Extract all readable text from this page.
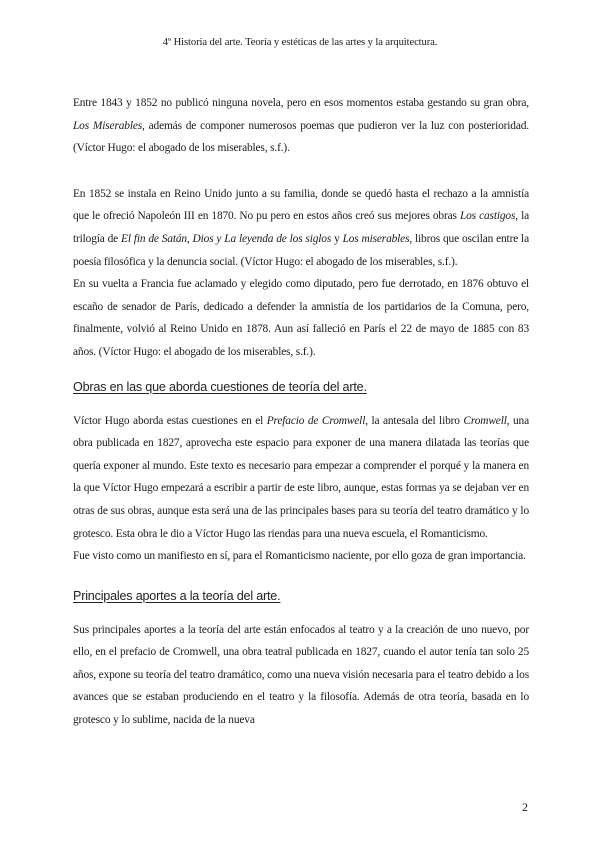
4º Historia del arte. Teoría y estéticas de las artes y la arquitectura.

Entre 1843 y 1852 no publicó ninguna novela, pero en esos momentos estaba gestando su gran obra, Los Miserables, además de componer numerosos poemas que pudieron ver la luz con posterioridad. (Víctor Hugo: el abogado de los miserables, s.f.).

En 1852 se instala en Reino Unido junto a su familia, donde se quedó hasta el rechazo a la amnistía que le ofreció Napoleón III en 1870. No pu pero en estos años creó sus mejores obras Los castigos, la trilogía de El fin de Satán, Dios y La leyenda de los siglos y Los miserables, libros que oscilan entre la poesía filosófica y la denuncia social. (Víctor Hugo: el abogado de los miserables, s.f.).

En su vuelta a Francia fue aclamado y elegido como diputado, pero fue derrotado, en 1876 obtuvo el escaño de senador de París, dedicado a defender la amnistía de los partidarios de la Comuna, pero, finalmente, volvió al Reino Unido en 1878. Aun así falleció en París el 22 de mayo de 1885 con 83 años. (Víctor Hugo: el abogado de los miserables, s.f.).

Obras en las que aborda cuestiones de teoría del arte.

Víctor Hugo aborda estas cuestiones en el Prefacio de Cromwell, la antesala del libro Cromwell, una obra publicada en 1827, aprovecha este espacio para exponer de una manera dilatada las teorías que quería exponer al mundo. Este texto es necesario para empezar a comprender el porqué y la manera en la que Víctor Hugo empezará a escribir a partir de este libro, aunque, estas formas ya se dejaban ver en otras de sus obras, aunque esta será una de las principales bases para su teoría del teatro dramático y lo grotesco. Esta obra le dio a Víctor Hugo las riendas para una nueva escuela, el Romanticismo.

Fue visto como un manifiesto en sí, para el Romanticismo naciente, por ello goza de gran importancia.

Principales aportes a la teoría del arte.

Sus principales aportes a la teoría del arte están enfocados al teatro y a la creación de uno nuevo, por ello, en el prefacio de Cromwell, una obra teatral publicada en 1827, cuando el autor tenía tan solo 25 años, expone su teoría del teatro dramático, como una nueva visión necesaria para el teatro debido a los avances que se estaban produciendo en el teatro y la filosofía. Además de otra teoría, basada en lo grotesco y lo sublime, nacida de la nueva

2
